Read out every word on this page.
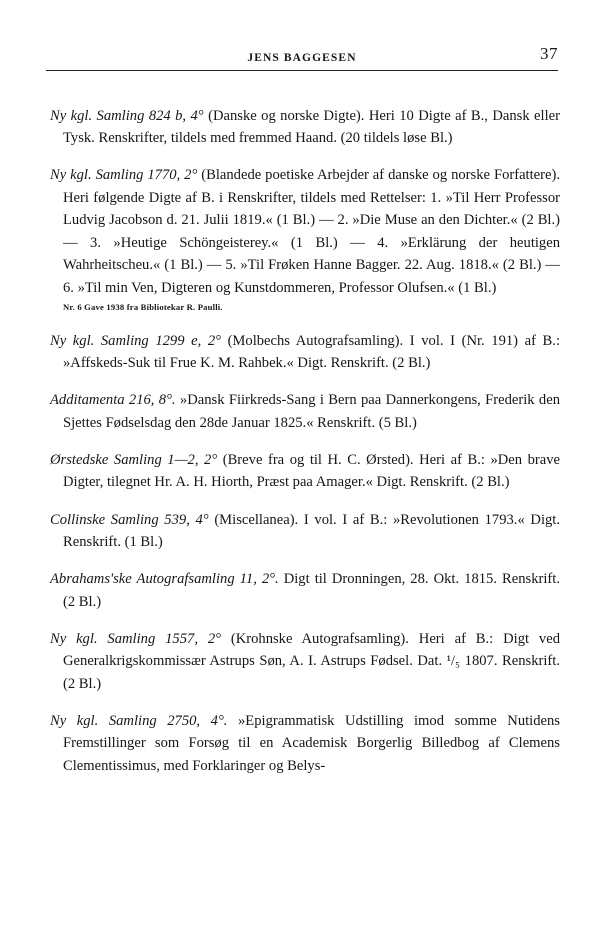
JENS BAGGESEN	37

Ny kgl. Samling 824 b, 4° (Danske og norske Digte). Heri 10 Digte af B., Dansk eller Tysk. Renskrifter, tildels med fremmed Haand. (20 tildels løse Bl.)

Ny kgl. Samling 1770, 2° (Blandede poetiske Arbejder af danske og norske Forfattere). Heri følgende Digte af B. i Renskrifter, tildels med Rettelser: 1. »Til Herr Professor Ludvig Jacobson d. 21. Julii 1819.« (1 Bl.) — 2. »Die Muse an den Dichter.« (2 Bl.) — 3. »Heutige Schöngeisterey.« (1 Bl.) — 4. »Erklärung der heutigen Wahrheitscheu.« (1 Bl.) — 5. »Til Frøken Hanne Bagger. 22. Aug. 1818.« (2 Bl.) — 6. »Til min Ven, Digteren og Kunstdommeren, Professor Olufsen.« (1 Bl.)
Nr. 6 Gave 1938 fra Bibliotekar R. Paulli.

Ny kgl. Samling 1299 e, 2° (Molbechs Autografsamling). I vol. I (Nr. 191) af B.: »Affskeds-Suk til Frue K. M. Rahbek.« Digt. Renskrift. (2 Bl.)

Additamenta 216, 8°. »Dansk Fiirkreds-Sang i Bern paa Dannerkongens, Frederik den Sjettes Fødselsdag den 28de Januar 1825.« Renskrift. (5 Bl.)

Ørstedske Samling 1—2, 2° (Breve fra og til H. C. Ørsted). Heri af B.: »Den brave Digter, tilegnet Hr. A. H. Hiorth, Præst paa Amager.« Digt. Renskrift. (2 Bl.)

Collinske Samling 539, 4° (Miscellanea). I vol. I af B.: »Revolutionen 1793.« Digt. Renskrift. (1 Bl.)

Abrahams'ske Autografsamling 11, 2°. Digt til Dronningen, 28. Okt. 1815. Renskrift. (2 Bl.)

Ny kgl. Samling 1557, 2° (Krohnske Autografsamling). Heri af B.: Digt ved Generalkrigskommissær Astrups Søn, A. I. Astrups Fødsel. Dat. ¹/₅ 1807. Renskrift. (2 Bl.)

Ny kgl. Samling 2750, 4°. »Epigrammatisk Udstilling imod somme Nutidens Fremstillinger som Forsøg til en Academisk Borgerlig Billedbog af Clemens Clementissimus, med Forklaringer og Belys-
